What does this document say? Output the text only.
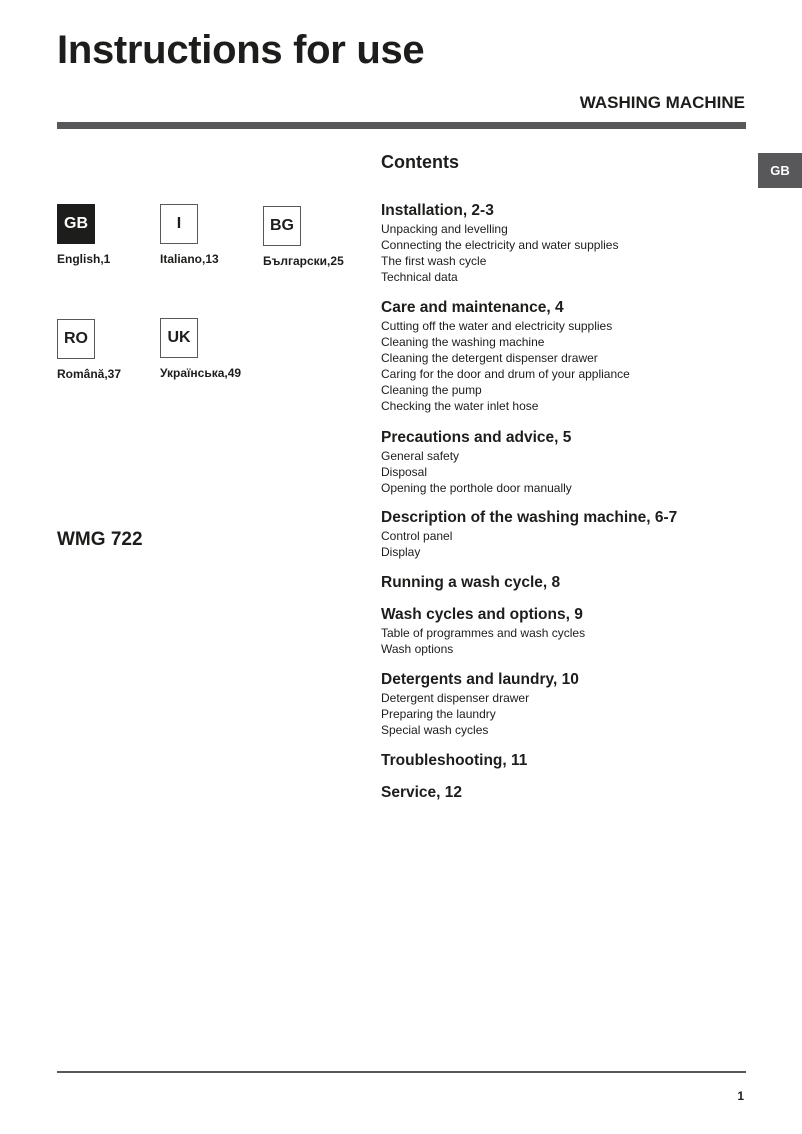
Instructions for use
WASHING MACHINE
GB
GB
English,1
I
Italiano,13
BG
Български,25
RO
Română,37
UK
Українська,49
WMG 722
Contents
Installation, 2-3
Unpacking and levelling
Connecting the electricity and water supplies
The first wash cycle
Technical data
Care and maintenance, 4
Cutting off the water and electricity supplies
Cleaning the washing machine
Cleaning the detergent dispenser drawer
Caring for the door and drum of your appliance
Cleaning the pump
Checking the water inlet hose
Precautions and advice, 5
General safety
Disposal
Opening the porthole door manually
Description of the washing machine, 6-7
Control panel
Display
Running a wash cycle, 8
Wash cycles and options, 9
Table of programmes and wash cycles
Wash options
Detergents and laundry, 10
Detergent dispenser drawer
Preparing the laundry
Special wash cycles
Troubleshooting, 11
Service, 12
1
